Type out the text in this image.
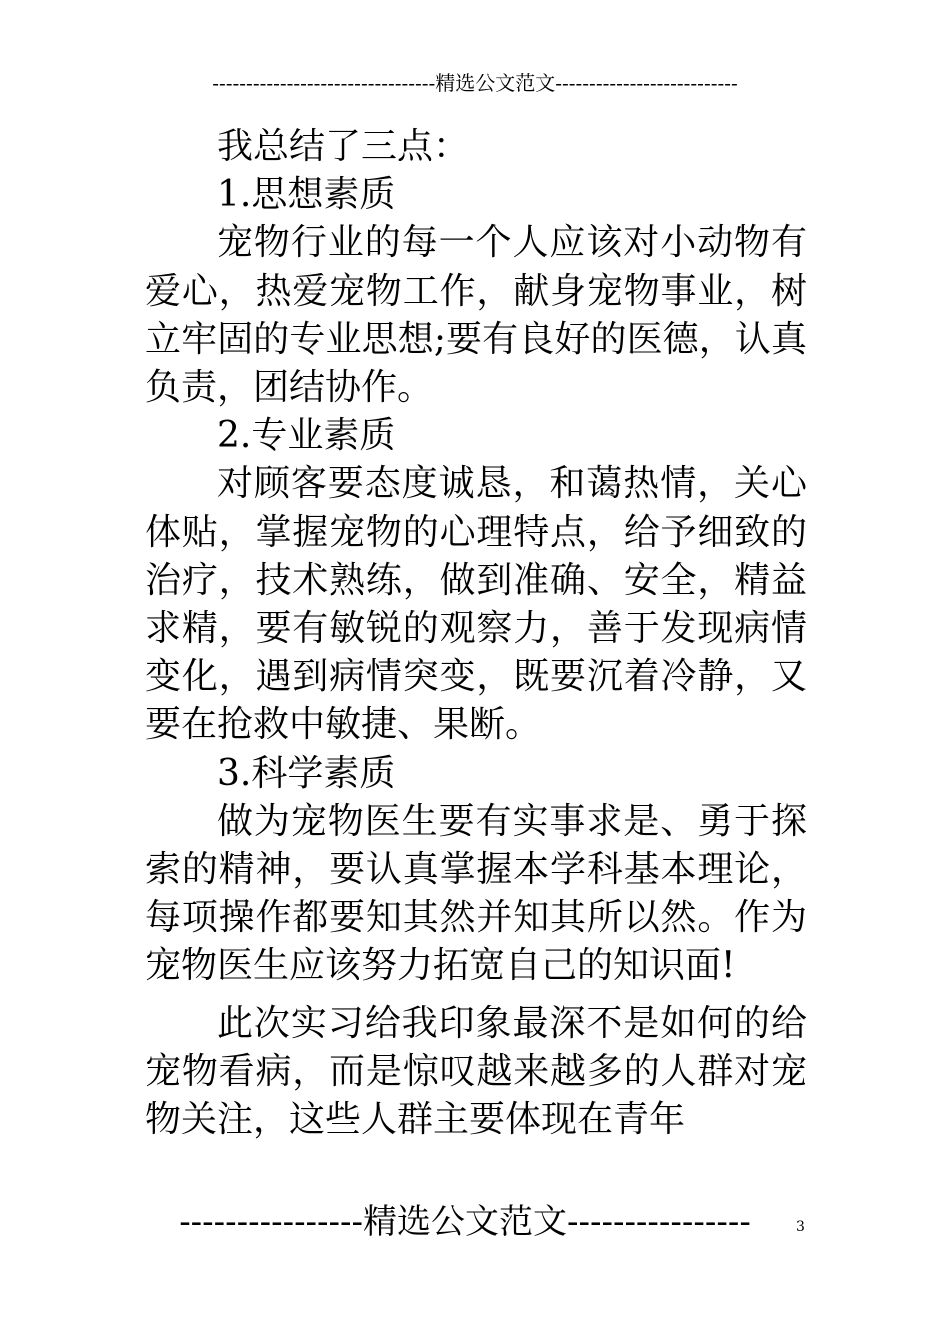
---------------------------------精选公文范文---------------------------

我总结了三点：

1.思想素质

宠物行业的每一个人应该对小动物有爱心，热爱宠物工作，献身宠物事业，树立牢固的专业思想;要有良好的医德，认真负责，团结协作。

2.专业素质

对顾客要态度诚恳，和蔼热情，关心体贴，掌握宠物的心理特点，给予细致的治疗，技术熟练，做到准确、安全，精益求精，要有敏锐的观察力，善于发现病情变化，遇到病情突变，既要沉着冷静，又要在抢救中敏捷、果断。

3.科学素质

做为宠物医生要有实事求是、勇于探索的精神，要认真掌握本学科基本理论，每项操作都要知其然并知其所以然。作为宠物医生应该努力拓宽自己的知识面!

此次实习给我印象最深不是如何的给宠物看病，而是惊叹越来越多的人群对宠物关注，这些人群主要体现在青年

----------------精选公文范文----------------	3
